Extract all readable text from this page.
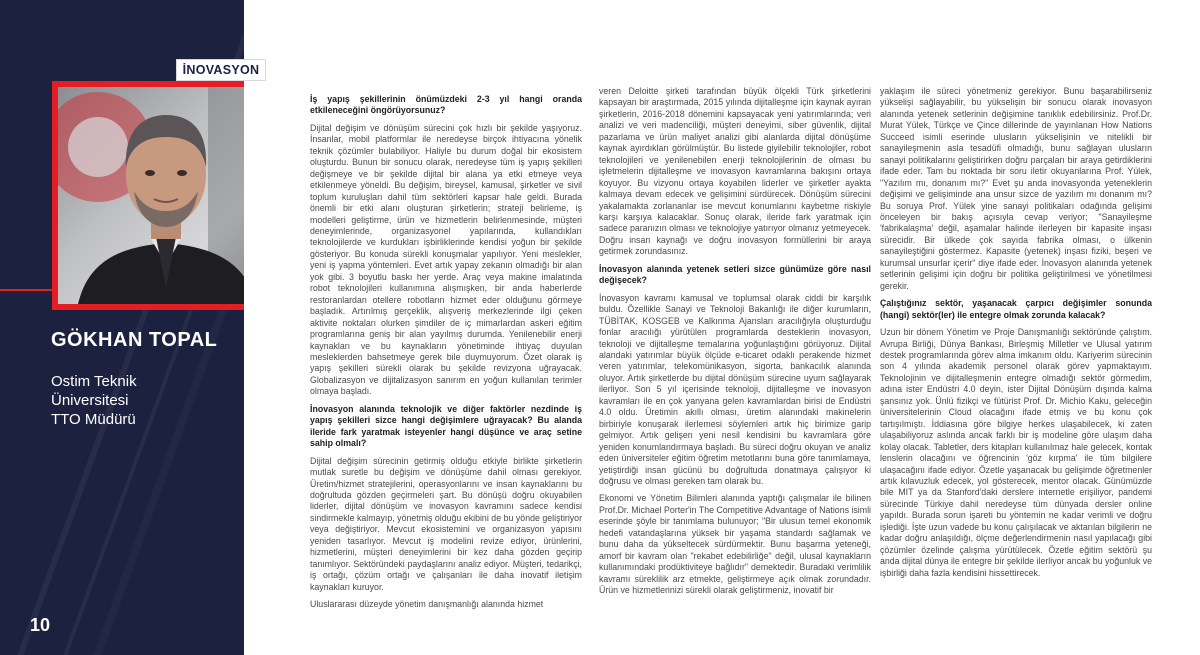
GÖKHAN TOPAL
Ostim Teknik
Üniversitesi
TTO Müdürü
10
İNOVASYON

İş yapış şekillerinin önümüzdeki 2-3 yıl hangi oranda etkileneceğini öngörüyorsunuz?

Dijital değişim ve dönüşüm sürecini çok hızlı bir şekilde yaşıyoruz. İnsanlar, mobil platformlar ile neredeyse birçok ihtiyacına yönelik teknik çözümler bulabiliyor. Haliyle bu durum doğal bir ekosistem oluşturdu. Bunun bir sonucu olarak, neredeyse tüm iş yapış şekilleri değişmeye ve bir şekilde dijital bir alana ya etki etmeye veya etkilenmeye yöneldi. Bu değişim, bireysel, kamusal, şirketler ve sivil toplum kuruluşları dahil tüm sektörleri kapsar hale geldi. Burada önemli bir etki alanı oluşturan şirketlerin; strateji belirleme, iş modelleri geliştirme, ürün ve hizmetlerin belirlenmesinde, müşteri deneyimlerinde, organizasyonel yapılarında, kullandıkları teknolojilerde ve kurdukları işbirliklerinde kendisi yoğun bir şekilde gösteriyor. Bu konuda sürekli konuşmalar yapılıyor. Yeni meslekler, yeni iş yapma yöntemleri. Evet artık yapay zekanın olmadığı bir alan yok gibi. 3 boyutlu baskı her yerde. Araç veya makine imalatında robot teknolojileri kullanımına alışmışken, bir anda haberlerde restoranlardan otellere robotların hizmet eder olduğunu görmeye başladık. Artırılmış gerçeklik, alışveriş merkezlerinde ilgi çeken aktivite noktaları olurken şimdiler de iç mimarlardan askeri eğitim programlarına geniş bir alan yayılmış durumda. Yenilenebilir enerji kaynakları ve bu kaynakların yönetiminde ihtiyaç duyulan mesleklerden bahsetmeye gerek bile duymuyorum. Özet olarak iş yapış şekilleri sürekli olarak bu şekilde revizyona uğrayacak. Globalizasyon ve dijitalizasyon sanırım en yoğun kullanılan terimler olmaya başladı.

İnovasyon alanında teknolojik ve diğer faktörler nezdinde iş yapış şekilleri sizce hangi değişimlere uğrayacak? Bu alanda ileride fark yaratmak isteyenler hangi düşünce ve araç setine sahip olmalı?

Dijital değişim sürecinin getirmiş olduğu etkiyle birlikte şirketlerin mutlak suretle bu değişim ve dönüşüme dahil olması gerekiyor. Üretim/hizmet stratejilerini, operasyonlarını ve insan kaynaklarını bu doğrultuda gözden geçirmeleri şart. Bu dönüşü doğru okuyabilen liderler, dijital dönüşüm ve inovasyon kavramını sadece kendisi sindirmekle kalmayıp, yönetmiş olduğu ekibini de bu yönde geliştiriyor veya değiştiriyor. Mevcut ekosistemini ve organizasyon yapısını yeniden tasarlıyor. Mevcut iş modelini revize ediyor, ürünlerini, hizmetlerini, müşteri deneyimlerini bir kez daha gözden geçirip tanımlıyor. Sektöründeki paydaşlarını analiz ediyor. Müşteri, tedarikçi, iş ortağı, çözüm ortağı ve çalışanları ile daha inovatif iletişim kaynakları kuruyor.

Uluslararası düzeyde yönetim danışmanlığı alanında hizmet

veren Deloitte şirketi tarafından büyük ölçekli Türk şirketlerini kapsayan bir araştırmada, 2015 yılında dijitalleşme için kaynak ayıran şirketlerin, 2016-2018 dönemini kapsayacak yeni yatırımlarında; veri analizi ve veri madenciliği, müşteri deneyimi, siber güvenlik, dijital pazarlama ve ürün maliyet analizi gibi alanlarda dijital dönüşüme kaynak ayırdıkları görülmüştür. Bu listede giyilebilir teknolojiler, robot teknolojileri ve yenilenebilen enerji teknolojilerinin de olması bu işletmelerin dijitalleşme ve inovasyon kavramlarına bakışını ortaya koyuyor. Bu vizyonu ortaya koyabilen liderler ve şirketler ayakta kalmaya devam edecek ve gelişimini sürdürecek. Dönüşüm sürecini yakalamakta zorlananlar ise mevcut konumlarını kaybetme riskiyle karşı karşıya kalacaklar. Sonuç olarak, ileride fark yaratmak için sadece paranızın olması ve teknolojiye yatırıyor olmanız yetmeyecek. Doğru insan kaynağı ve doğru inovasyon formüllerini bir araya getirmek zorundasınız.

İnovasyon alanında yetenek setleri sizce günümüze göre nasıl değişecek?

İnovasyon kavramı kamusal ve toplumsal olarak ciddi bir karşılık buldu. Özellikle Sanayi ve Teknoloji Bakanlığı ile diğer kurumların, TÜBİTAK, KOSGEB ve Kalkınma Ajansları aracılığıyla oluşturduğu fonlar aracılığı yürütülen programlarda desteklerin inovasyon, teknoloji ve dijitalleşme temalarına yoğunlaştığını görüyoruz. Dijital alandaki yatırımlar büyük ölçüde e-ticaret odaklı perakende hizmet veren yatırımlar, telekomünikasyon, sigorta, bankacılık alanında oluyor. Artık şirketlerde bu dijital dönüşüm sürecine uyum sağlayarak ilerliyor. Son 5 yıl içerisinde teknoloji, dijitalleşme ve inovasyon kavramları ile en çok yanyana gelen kavramlardan birisi de Endüstri 4.0 oldu. Üretimin akıllı olması, üretim alanındaki makinelerin birbiriyle konuşarak ilerlemesi söylemleri artık hiç birimize garip gelmiyor. Artık gelişen yeni nesil kendisini bu kavramlara göre yeniden konumlandırmaya başladı. Bu süreci doğru okuyan ve analiz eden üniversiteler eğitim öğretim metotlarını buna göre tanımlamaya, yetiştirdiği insan gücünü bu doğrultuda donatmaya çalışıyor ki doğrusu ve olması gereken tam olarak bu.

Ekonomi ve Yönetim Bilimleri alanında yaptığı çalışmalar ile bilinen Prof.Dr. Michael Porter'in The Competitive Advantage of Nations isimli eserinde şöyle bir tanımlama bulunuyor; "Bir ulusun temel ekonomik hedefi vatandaşlarına yüksek bir yaşama standardı sağlamak ve bunu daha da yükseltecek sürdürmektir. Bunu başarma yeteneği, amorf bir kavram olan "rekabet edebilirliğe" değil, ulusal kaynakların kullanımındaki prodüktiviteye bağlıdır" demektedir. Buradaki verimlilik kavramı süreklilik arz etmekte, geliştirmeye açık olmak zorundadır. Ürün ve hizmetlerinizi sürekli olarak geliştirmeniz, inovatif bir

yaklaşım ile süreci yönetmeniz gerekiyor. Bunu başarabilirseniz yükselişi sağlayabilir, bu yükselişin bir sonucu olarak inovasyon alanında yetenek setlerinin değişimine tanıklık edebilirsiniz. Prof.Dr. Murat Yülek, Türkçe ve Çince dillerinde de yayınlanan How Nations Succeed isimli eserinde ulusların yükselişinin ve nitelikli bir sanayileşmenin asla tesadüfi olmadığı, bunu sağlayan ulusların sanayi politikalarını geliştirirken doğru parçaları bir araya getirdiklerini ifade eder. Tam bu noktada bir soru iletir okuyanlarına Prof. Yülek, "Yazılım mı, donanım mı?" Evet şu anda inovasyonda yeteneklerin değişimi ve gelişiminde ana unsur sizce de yazılım mı donanım mı? Bu soruya Prof. Yülek yine sanayi politikaları odağında gelişimi önceleyen bir bakış açısıyla cevap veriyor; "Sanayileşme 'fabrikalaşma' değil, aşamalar halinde ilerleyen bir kapasite inşası sürecidir. Bir ülkede çok sayıda fabrika olması, o ülkenin sanayileştiğini göstermez. Kapasite (yetenek) inşası fiziki, beşeri ve kurumsal unsurlar içerir" diye ifade eder. İnovasyon alanında yetenek setlerinin gelişimi için doğru bir politika geliştirilmesi ve yönetilmesi gerekir.

Çalıştığınız sektör, yaşanacak çarpıcı değişimler sonunda (hangi) sektör(ler) ile entegre olmak zorunda kalacak?

Uzun bir dönem Yönetim ve Proje Danışmanlığı sektöründe çalıştım. Avrupa Birliği, Dünya Bankası, Birleşmiş Milletler ve Ulusal yatırım destek programlarında görev alma imkanım oldu. Kariyerim sürecinin son 4 yılında akademik personel olarak görev yapmaktayım. Teknolojinin ve dijitalleşmenin entegre olmadığı sektör görmedim, adına ister Endüstri 4.0 deyin, ister Dijital Dönüşüm dışında kalma şansınız yok. Ünlü fizikçi ve fütürist Prof. Dr. Michio Kaku, geleceğin üniversitelerinin Cloud olacağını ifade etmiş ve bu konu çok tartışılmıştı. İddiasına göre bilgiye herkes ulaşabilecek, ki zaten ulaşabiliyoruz aslında ancak farklı bir iş modeline göre ulaşım daha kolay olacak. Tabletler, ders kitapları kullanılmaz hale gelecek, kontak lenslerin olacağını ve öğrencinin 'göz kırpma' ile tüm bilgilere ulaşacağını ifade ediyor. Özetle yaşanacak bu gelişimde öğretmenler artık kılavuzluk edecek, yol gösterecek, mentor olacak. Günümüzde bile MIT ya da Stanford'daki derslere internetle erişiliyor, pandemi sürecinde Türkiye dahil neredeyse tüm dünyada dersler online yapıldı. Burada sorun işareti bu yöntemin ne kadar verimli ve doğru işlediği. İşte uzun vadede bu konu çalışılacak ve aktarılan bilgilerin ne kadar doğru anlaşıldığı, ölçme değerlendirmenin nasıl yapılacağı gibi çözümler özelinde çalışma yürütülecek. Özetle eğitim sektörü şu anda dijital dünya ile entegre bir şekilde ilerliyor ancak bu yoğunluk ve işbirliği daha fazla kendisini hissettirecek.
